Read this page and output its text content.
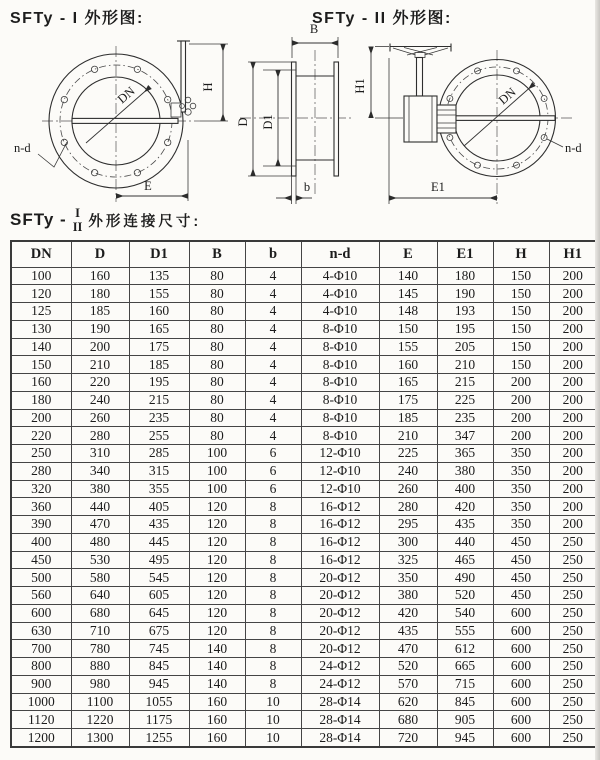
SFTy - I 外形图:	SFTy - II 外形图:
DN
n-d
H
E
B
D D1
b
DN
n-d
H1
E1
SFTy - I
II 外形连接尺寸:
DN	D	D1	B	b	n-d	E	E1	H	H1
100	160	135	80	4	4-Φ10	140	180	150	200
120	180	155	80	4	4-Φ10	145	190	150	200
125	185	160	80	4	4-Φ10	148	193	150	200
130	190	165	80	4	8-Φ10	150	195	150	200
140	200	175	80	4	8-Φ10	155	205	150	200
150	210	185	80	4	8-Φ10	160	210	150	200
160	220	195	80	4	8-Φ10	165	215	200	200
180	240	215	80	4	8-Φ10	175	225	200	200
200	260	235	80	4	8-Φ10	185	235	200	200
220	280	255	80	4	8-Φ10	210	347	200	200
250	310	285	100	6	12-Φ10	225	365	350	200
280	340	315	100	6	12-Φ10	240	380	350	200
320	380	355	100	6	12-Φ10	260	400	350	200
360	440	405	120	8	16-Φ12	280	420	350	200
390	470	435	120	8	16-Φ12	295	435	350	200
400	480	445	120	8	16-Φ12	300	440	450	250
450	530	495	120	8	16-Φ12	325	465	450	250
500	580	545	120	8	20-Φ12	350	490	450	250
560	640	605	120	8	20-Φ12	380	520	450	250
600	680	645	120	8	20-Φ12	420	540	600	250
630	710	675	120	8	20-Φ12	435	555	600	250
700	780	745	140	8	20-Φ12	470	612	600	250
800	880	845	140	8	24-Φ12	520	665	600	250
900	980	945	140	8	24-Φ12	570	715	600	250
1000	1100	1055	160	10	28-Φ14	620	845	600	250
1120	1220	1175	160	10	28-Φ14	680	905	600	250
1200	1300	1255	160	10	28-Φ14	720	945	600	250
